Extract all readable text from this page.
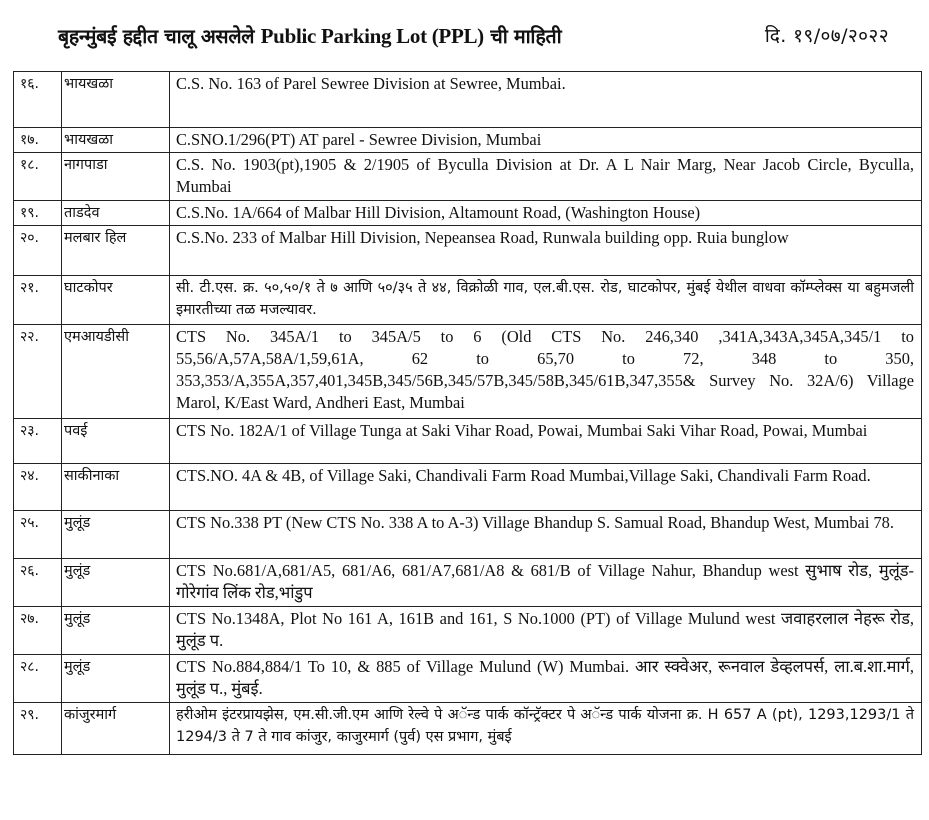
बृहन्मुंबई हद्दीत चालू असलेले Public Parking Lot (PPL) ची माहिती	दि. १९/०७/२०२२
१६.	भायखळा	C.S. No. 163 of Parel Sewree Division at Sewree, Mumbai.
१७.	भायखळा	C.SNO.1/296(PT) AT parel - Sewree Division, Mumbai
१८.	नागपाडा	C.S. No. 1903(pt),1905 & 2/1905 of Byculla Division at Dr. A L Nair Marg, Near Jacob Circle, Byculla, Mumbai
१९.	ताडदेव	C.S.No. 1A/664 of Malbar Hill Division, Altamount Road, (Washington House)
२०.	मलबार हिल	C.S.No. 233 of Malbar Hill Division, Nepeansea Road, Runwala building opp. Ruia bunglow
२१.	घाटकोपर	सी. टी.एस. क्र. ५०,५०/१ ते ७ आणि ५०/३५ ते ४४, विक्रोळी गाव, एल.बी.एस. रोड, घाटकोपर, मुंबई येथील वाधवा कॉम्प्लेक्स या बहुमजली इमारतीच्या तळ मजल्यावर.
२२.	एमआयडीसी	CTS No. 345A/1 to 345A/5 to 6 (Old CTS No. 246,340 ,341A,343A,345A,345/1 to 55,56/A,57A,58A/1,59,61A, 62 to 65,70 to 72, 348 to 350, 353,353/A,355A,357,401,345B,345/56B,345/57B,345/58B,345/61B,347,355& Survey No. 32A/6) Village Marol, K/East Ward, Andheri East, Mumbai
२३.	पवई	CTS No. 182A/1 of Village Tunga at Saki Vihar Road, Powai, Mumbai Saki Vihar Road, Powai, Mumbai
२४.	साकीनाका	CTS.NO. 4A & 4B, of Village Saki, Chandivali Farm Road Mumbai,Village Saki, Chandivali Farm Road.
२५.	मुलूंड	CTS No.338 PT (New CTS No. 338 A to A-3) Village Bhandup S. Samual Road, Bhandup West, Mumbai 78.
२६.	मुलूंड	CTS No.681/A,681/A5, 681/A6, 681/A7,681/A8 & 681/B of Village Nahur, Bhandup west सुभाष रोड, मुलूंड-गोरेगांव लिंक रोड,भांडुप
२७.	मुलूंड	CTS No.1348A, Plot No 161 A, 161B and 161, S No.1000 (PT) of Village Mulund west जवाहरलाल नेहरू रोड, मुलूंड प.
२८.	मुलूंड	CTS No.884,884/1 To 10, & 885 of Village Mulund (W) Mumbai. आर स्क्वेअर, रूनवाल डेव्हलपर्स, ला.ब.शा.मार्ग, मुलूंड प., मुंबई.
२९.	कांजुरमार्ग	हरीओम इंटरप्रायझेस, एम.सी.जी.एम आणि रेल्वे पे अॅन्ड पार्क कॉन्ट्रॅक्टर पे अॅन्ड पार्क योजना क्र. H 657 A (pt), 1293,1293/1 ते 1294/3 ते 7 ते गाव कांजुर, काजुरमार्ग (पुर्व) एस प्रभाग, मुंबई
